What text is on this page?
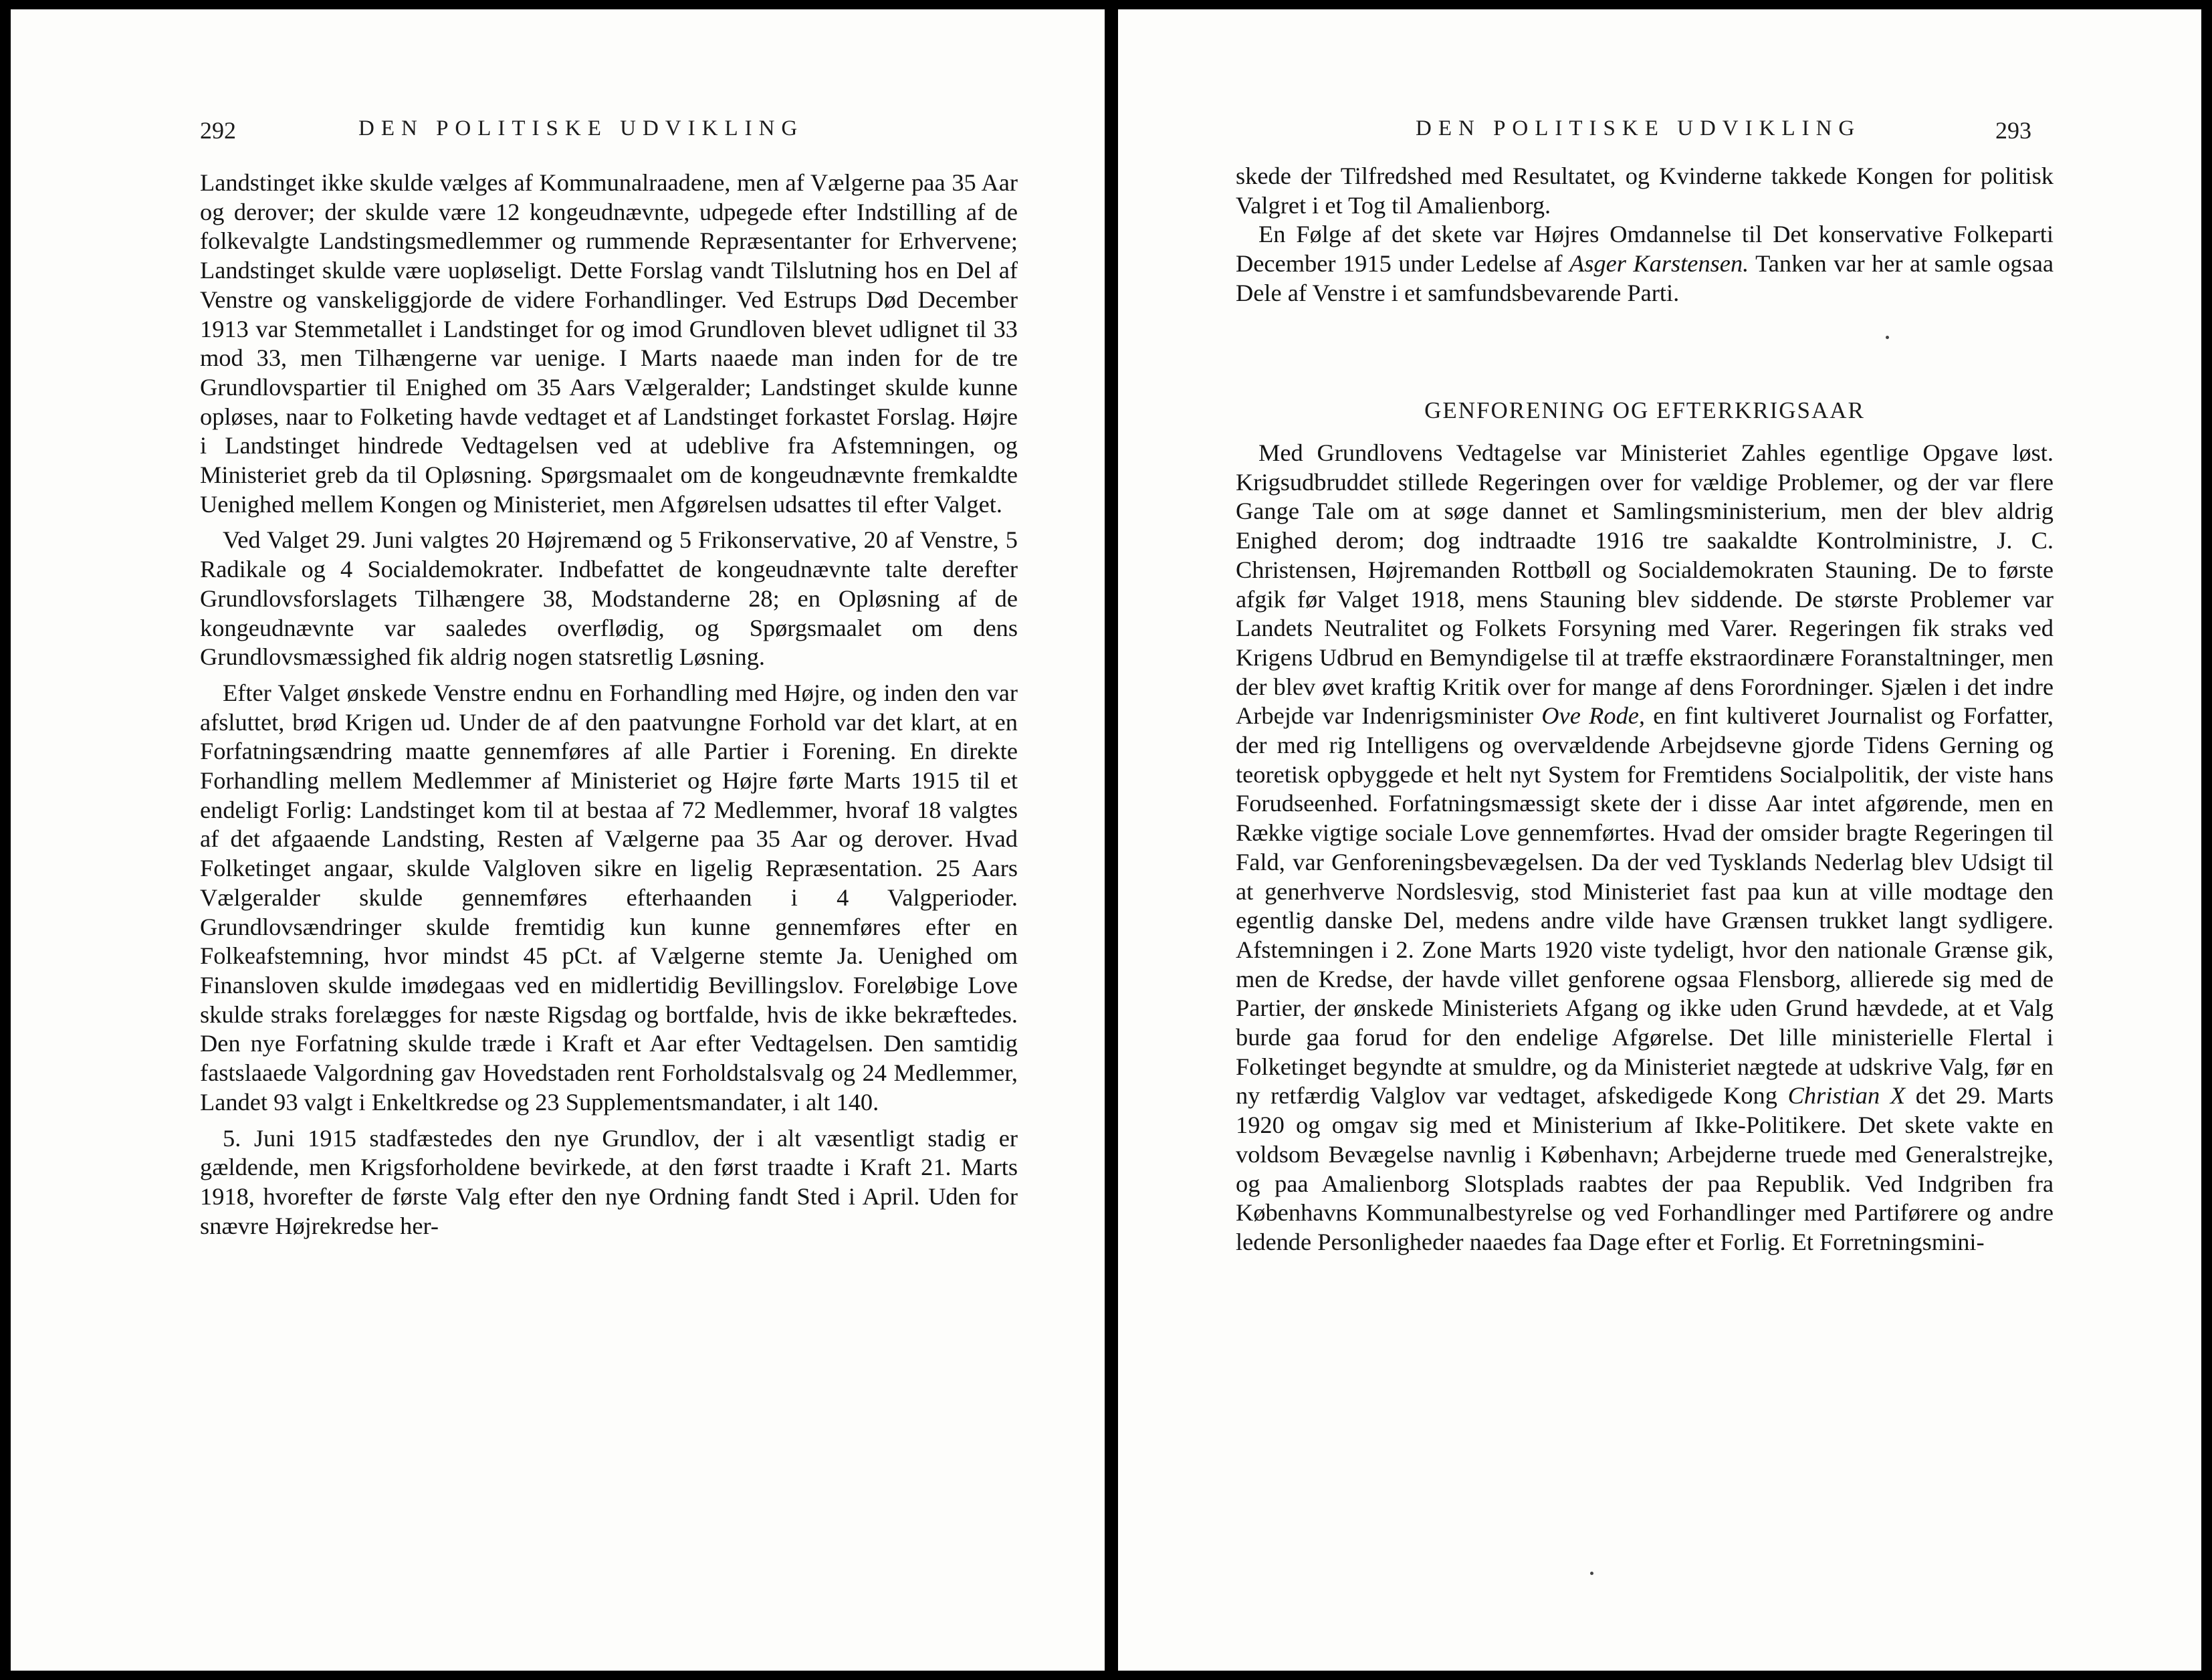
292	DEN POLITISKE UDVIKLING

Landstinget ikke skulde vælges af Kommunalraadene, men af Vælgerne paa 35 Aar og derover; der skulde være 12 kongeudnævnte, udpegede efter Indstilling af de folkevalgte Landstingsmedlemmer og rummende Repræsentanter for Erhvervene; Landstinget skulde være uopløseligt. Dette Forslag vandt Tilslutning hos en Del af Venstre og vanskeliggjorde de videre Forhandlinger. Ved Estrups Død December 1913 var Stemmetallet i Landstinget for og imod Grundloven blevet udlignet til 33 mod 33, men Tilhængerne var uenige. I Marts naaede man inden for de tre Grundlovspartier til Enighed om 35 Aars Vælgeralder; Landstinget skulde kunne opløses, naar to Folketing havde vedtaget et af Landstinget forkastet Forslag. Højre i Landstinget hindrede Vedtagelsen ved at udeblive fra Afstemningen, og Ministeriet greb da til Opløsning. Spørgsmaalet om de kongeudnævnte fremkaldte Uenighed mellem Kongen og Ministeriet, men Afgørelsen udsattes til efter Valget.

Ved Valget 29. Juni valgtes 20 Højremænd og 5 Frikonservative, 20 af Venstre, 5 Radikale og 4 Socialdemokrater. Indbefattet de kongeudnævnte talte derefter Grundlovsforslagets Tilhængere 38, Modstanderne 28; en Opløsning af de kongeudnævnte var saaledes overflødig, og Spørgsmaalet om dens Grundlovsmæssighed fik aldrig nogen statsretlig Løsning.

Efter Valget ønskede Venstre endnu en Forhandling med Højre, og inden den var afsluttet, brød Krigen ud. Under de af den paatvungne Forhold var det klart, at en Forfatningsændring maatte gennemføres af alle Partier i Forening. En direkte Forhandling mellem Medlemmer af Ministeriet og Højre førte Marts 1915 til et endeligt Forlig: Landstinget kom til at bestaa af 72 Medlemmer, hvoraf 18 valgtes af det afgaaende Landsting, Resten af Vælgerne paa 35 Aar og derover. Hvad Folketinget angaar, skulde Valgloven sikre en ligelig Repræsentation. 25 Aars Vælgeralder skulde gennemføres efterhaanden i 4 Valgperioder. Grundlovsændringer skulde fremtidig kun kunne gennemføres efter en Folkeafstemning, hvor mindst 45 pCt. af Vælgerne stemte Ja. Uenighed om Finansloven skulde imødegaas ved en midlertidig Bevillingslov. Foreløbige Love skulde straks forelægges for næste Rigsdag og bortfalde, hvis de ikke bekræftedes. Den nye Forfatning skulde træde i Kraft et Aar efter Vedtagelsen. Den samtidig fastslaaede Valgordning gav Hovedstaden rent Forholdstalsvalg og 24 Medlemmer, Landet 93 valgt i Enkeltkredse og 23 Supplementsmandater, i alt 140.

5. Juni 1915 stadfæstedes den nye Grundlov, der i alt væsentligt stadig er gældende, men Krigsforholdene bevirkede, at den først traadte i Kraft 21. Marts 1918, hvorefter de første Valg efter den nye Ordning fandt Sted i April. Uden for snævre Højrekredse her-

DEN POLITISKE UDVIKLING	293

skede der Tilfredshed med Resultatet, og Kvinderne takkede Kongen for politisk Valgret i et Tog til Amalienborg.

En Følge af det skete var Højres Omdannelse til Det konservative Folkeparti December 1915 under Ledelse af Asger Karstensen. Tanken var her at samle ogsaa Dele af Venstre i et samfundsbevarende Parti.

GENFORENING OG EFTERKRIGSAAR

Med Grundlovens Vedtagelse var Ministeriet Zahles egentlige Opgave løst. Krigsudbruddet stillede Regeringen over for vældige Problemer, og der var flere Gange Tale om at søge dannet et Samlingsministerium, men der blev aldrig Enighed derom; dog indtraadte 1916 tre saakaldte Kontrolministre, J. C. Christensen, Højremanden Rottbøll og Socialdemokraten Stauning. De to første afgik før Valget 1918, mens Stauning blev siddende. De største Problemer var Landets Neutralitet og Folkets Forsyning med Varer. Regeringen fik straks ved Krigens Udbrud en Bemyndigelse til at træffe ekstraordinære Foranstaltninger, men der blev øvet kraftig Kritik over for mange af dens Forordninger. Sjælen i det indre Arbejde var Indenrigsminister Ove Rode, en fint kultiveret Journalist og Forfatter, der med rig Intelligens og overvældende Arbejdsevne gjorde Tidens Gerning og teoretisk opbyggede et helt nyt System for Fremtidens Socialpolitik, der viste hans Forudseenhed. Forfatningsmæssigt skete der i disse Aar intet afgørende, men en Række vigtige sociale Love gennemførtes. Hvad der omsider bragte Regeringen til Fald, var Genforeningsbevægelsen. Da der ved Tysklands Nederlag blev Udsigt til at generhverve Nordslesvig, stod Ministeriet fast paa kun at ville modtage den egentlig danske Del, medens andre vilde have Grænsen trukket langt sydligere. Afstemningen i 2. Zone Marts 1920 viste tydeligt, hvor den nationale Grænse gik, men de Kredse, der havde villet genforene ogsaa Flensborg, allierede sig med de Partier, der ønskede Ministeriets Afgang og ikke uden Grund hævdede, at et Valg burde gaa forud for den endelige Afgørelse. Det lille ministerielle Flertal i Folketinget begyndte at smuldre, og da Ministeriet nægtede at udskrive Valg, før en ny retfærdig Valglov var vedtaget, afskedigede Kong Christian X det 29. Marts 1920 og omgav sig med et Ministerium af Ikke-Politikere. Det skete vakte en voldsom Bevægelse navnlig i København; Arbejderne truede med Generalstrejke, og paa Amalienborg Slotsplads raabtes der paa Republik. Ved Indgriben fra Københavns Kommunalbestyrelse og ved Forhandlinger med Partiførere og andre ledende Personligheder naaedes faa Dage efter et Forlig. Et Forretningsmini-
